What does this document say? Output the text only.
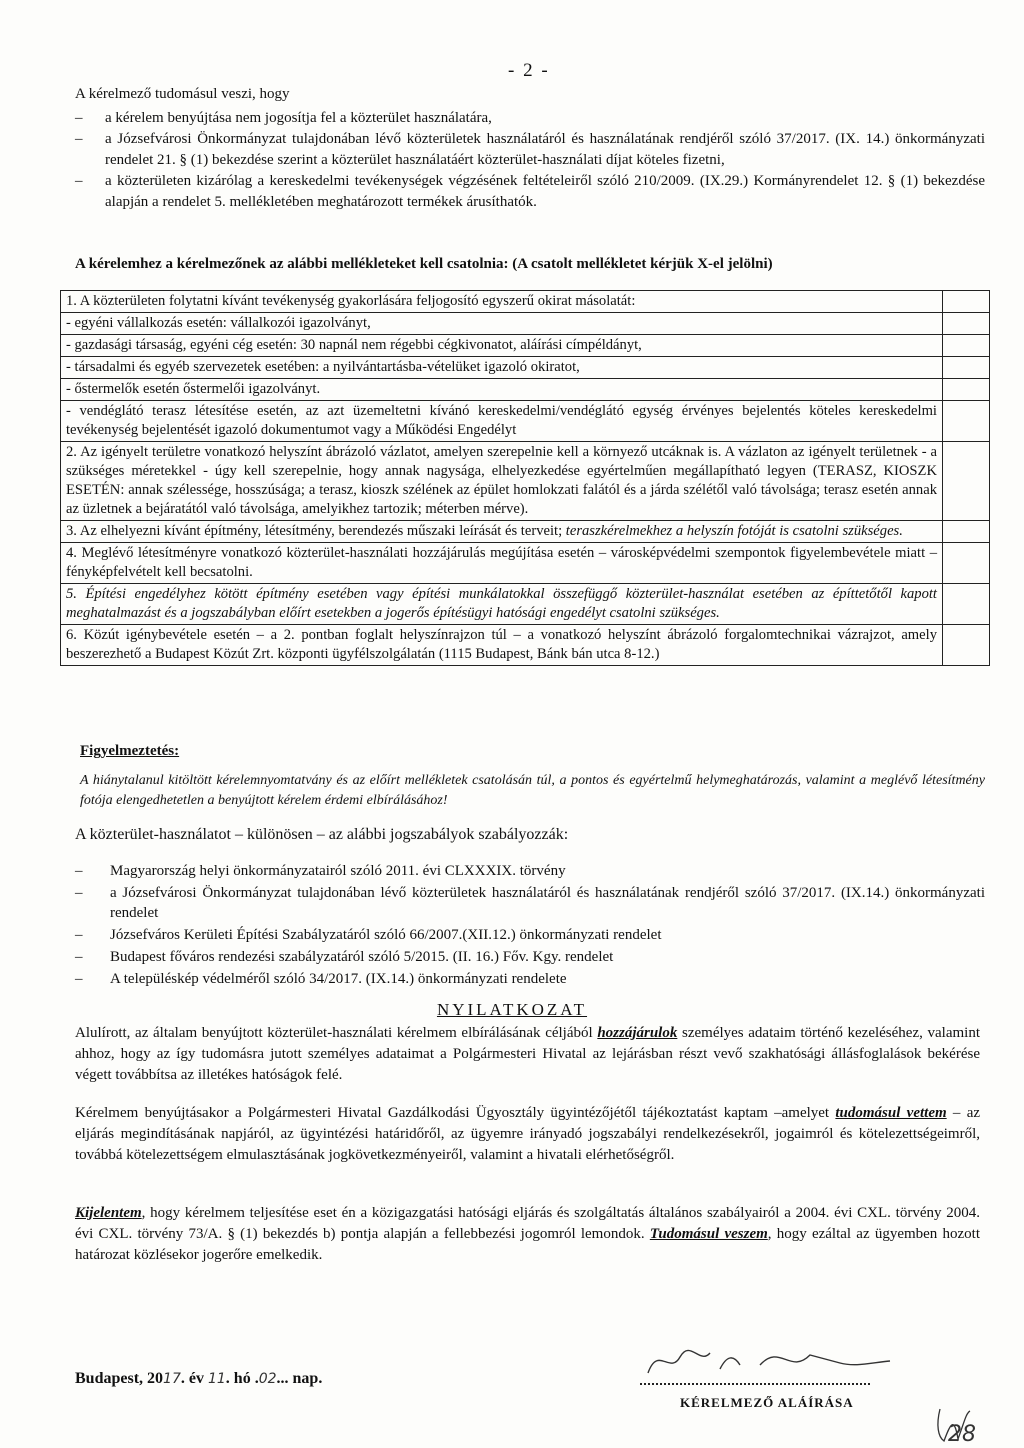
- 2 -
A kérelmező tudomásul veszi, hogy
– a kérelem benyújtása nem jogosítja fel a közterület használatára,
– a Józsefvárosi Önkormányzat tulajdonában lévő közterületek használatáról és használatának rendjéről szóló 37/2017. (IX. 14.) önkormányzati rendelet 21. § (1) bekezdése szerint a közterület használatáért közterület-használati díjat köteles fizetni,
– a közterületen kizárólag a kereskedelmi tevékenységek végzésének feltételeiről szóló 210/2009. (IX.29.) Kormányrendelet 12. § (1) bekezdése alapján a rendelet 5. mellékletében meghatározott termékek árusíthatók.
A kérelemhez a kérelmezőnek az alábbi mellékleteket kell csatolnia: (A csatolt mellékletet kérjük X-el jelölni)
1. A közterületen folytatni kívánt tevékenység gyakorlására feljogosító egyszerű okirat másolatát:	
- egyéni vállalkozás esetén: vállalkozói igazolványt,	
- gazdasági társaság, egyéni cég esetén: 30 napnál nem régebbi cégkivonatot, aláírási címpéldányt,	
- társadalmi és egyéb szervezetek esetében: a nyilvántartásba-vételüket igazoló okiratot,	
- őstermelők esetén őstermelői igazolványt.	
- vendéglátó terasz létesítése esetén, az azt üzemeltetni kívánó kereskedelmi/vendéglátó egység érvényes bejelentés köteles kereskedelmi tevékenység bejelentését igazoló dokumentumot vagy a Működési Engedélyt	
2. Az igényelt területre vonatkozó helyszínt ábrázoló vázlatot, amelyen szerepelnie kell a környező utcáknak is. A vázlaton az igényelt területnek - a szükséges méretekkel - úgy kell szerepelnie, hogy annak nagysága, elhelyezkedése egyértelműen megállapítható legyen (TERASZ, KIOSZK ESETÉN: annak szélessége, hosszúsága; a terasz, kioszk szélének az épület homlokzati falától és a járda szélétől való távolsága; terasz esetén annak az üzletnek a bejáratától való távolsága, amelyikhez tartozik; méterben mérve).	
3. Az elhelyezni kívánt építmény, létesítmény, berendezés műszaki leírását és terveit; teraszkérelmekhez a helyszín fotóját is csatolni szükséges.	
4. Meglévő létesítményre vonatkozó közterület-használati hozzájárulás megújítása esetén – városképvédelmi szempontok figyelembevétele miatt – fényképfelvételt kell becsatolni.	
5. Építési engedélyhez kötött építmény esetében vagy építési munkálatokkal összefüggő közterület-használat esetében az építtetőtől kapott meghatalmazást és a jogszabályban előírt esetekben a jogerős építésügyi hatósági engedélyt csatolni szükséges.	
6. Közút igénybevétele esetén – a 2. pontban foglalt helyszínrajzon túl – a vonatkozó helyszínt ábrázoló forgalomtechnikai vázrajzot, amely beszerezhető a Budapest Közút Zrt. központi ügyfélszolgálatán (1115 Budapest, Bánk bán utca 8-12.)	
Figyelmeztetés:
A hiánytalanul kitöltött kérelemnyomtatvány és az előírt mellékletek csatolásán túl, a pontos és egyértelmű helymeghatározás, valamint a meglévő létesítmény fotója elengedhetetlen a benyújtott kérelem érdemi elbírálásához!
A közterület-használatot – különösen – az alábbi jogszabályok szabályozzák:
– Magyarország helyi önkormányzatairól szóló 2011. évi CLXXXIX. törvény
– a Józsefvárosi Önkormányzat tulajdonában lévő közterületek használatáról és használatának rendjéről szóló 37/2017. (IX.14.) önkormányzati rendelet
– Józsefváros Kerületi Építési Szabályzatáról szóló 66/2007.(XII.12.) önkormányzati rendelet
– Budapest főváros rendezési szabályzatáról szóló 5/2015. (II. 16.) Főv. Kgy. rendelet
– A településkép védelméről szóló 34/2017. (IX.14.) önkormányzati rendelete
NYILATKOZAT
Alulírott, az általam benyújtott közterület-használati kérelmem elbírálásának céljából hozzájárulok személyes adataim történő kezeléséhez, valamint ahhoz, hogy az így tudomásra jutott személyes adataimat a Polgármesteri Hivatal az lejárásban részt vevő szakhatósági állásfoglalások bekérése végett továbbítsa az illetékes hatóságok felé.
Kérelmem benyújtásakor a Polgármesteri Hivatal Gazdálkodási Ügyosztály ügyintézőjétől tájékoztatást kaptam –amelyet tudomásul vettem – az eljárás megindításának napjáról, az ügyintézési határidőről, az ügyemre irányadó jogszabályi rendelkezésekről, jogaimról és kötelezettségeimről, továbbá kötelezettségem elmulasztásának jogkövetkezményeiről, valamint a hivatali elérhetőségről.
Kijelentem, hogy kérelmem teljesítése eset én a közigazgatási hatósági eljárás és szolgáltatás általános szabályairól a 2004. évi CXL. törvény 2004. évi CXL. törvény 73/A. § (1) bekezdés b) pontja alapján a fellebbezési jogomról lemondok. Tudomásul veszem, hogy ezáltal az ügyemben hozott határozat közlésekor jogerőre emelkedik.
Budapest, 2017. év 11. hó .02... nap.
KÉRELMEZŐ ALÁÍRÁSA
28
